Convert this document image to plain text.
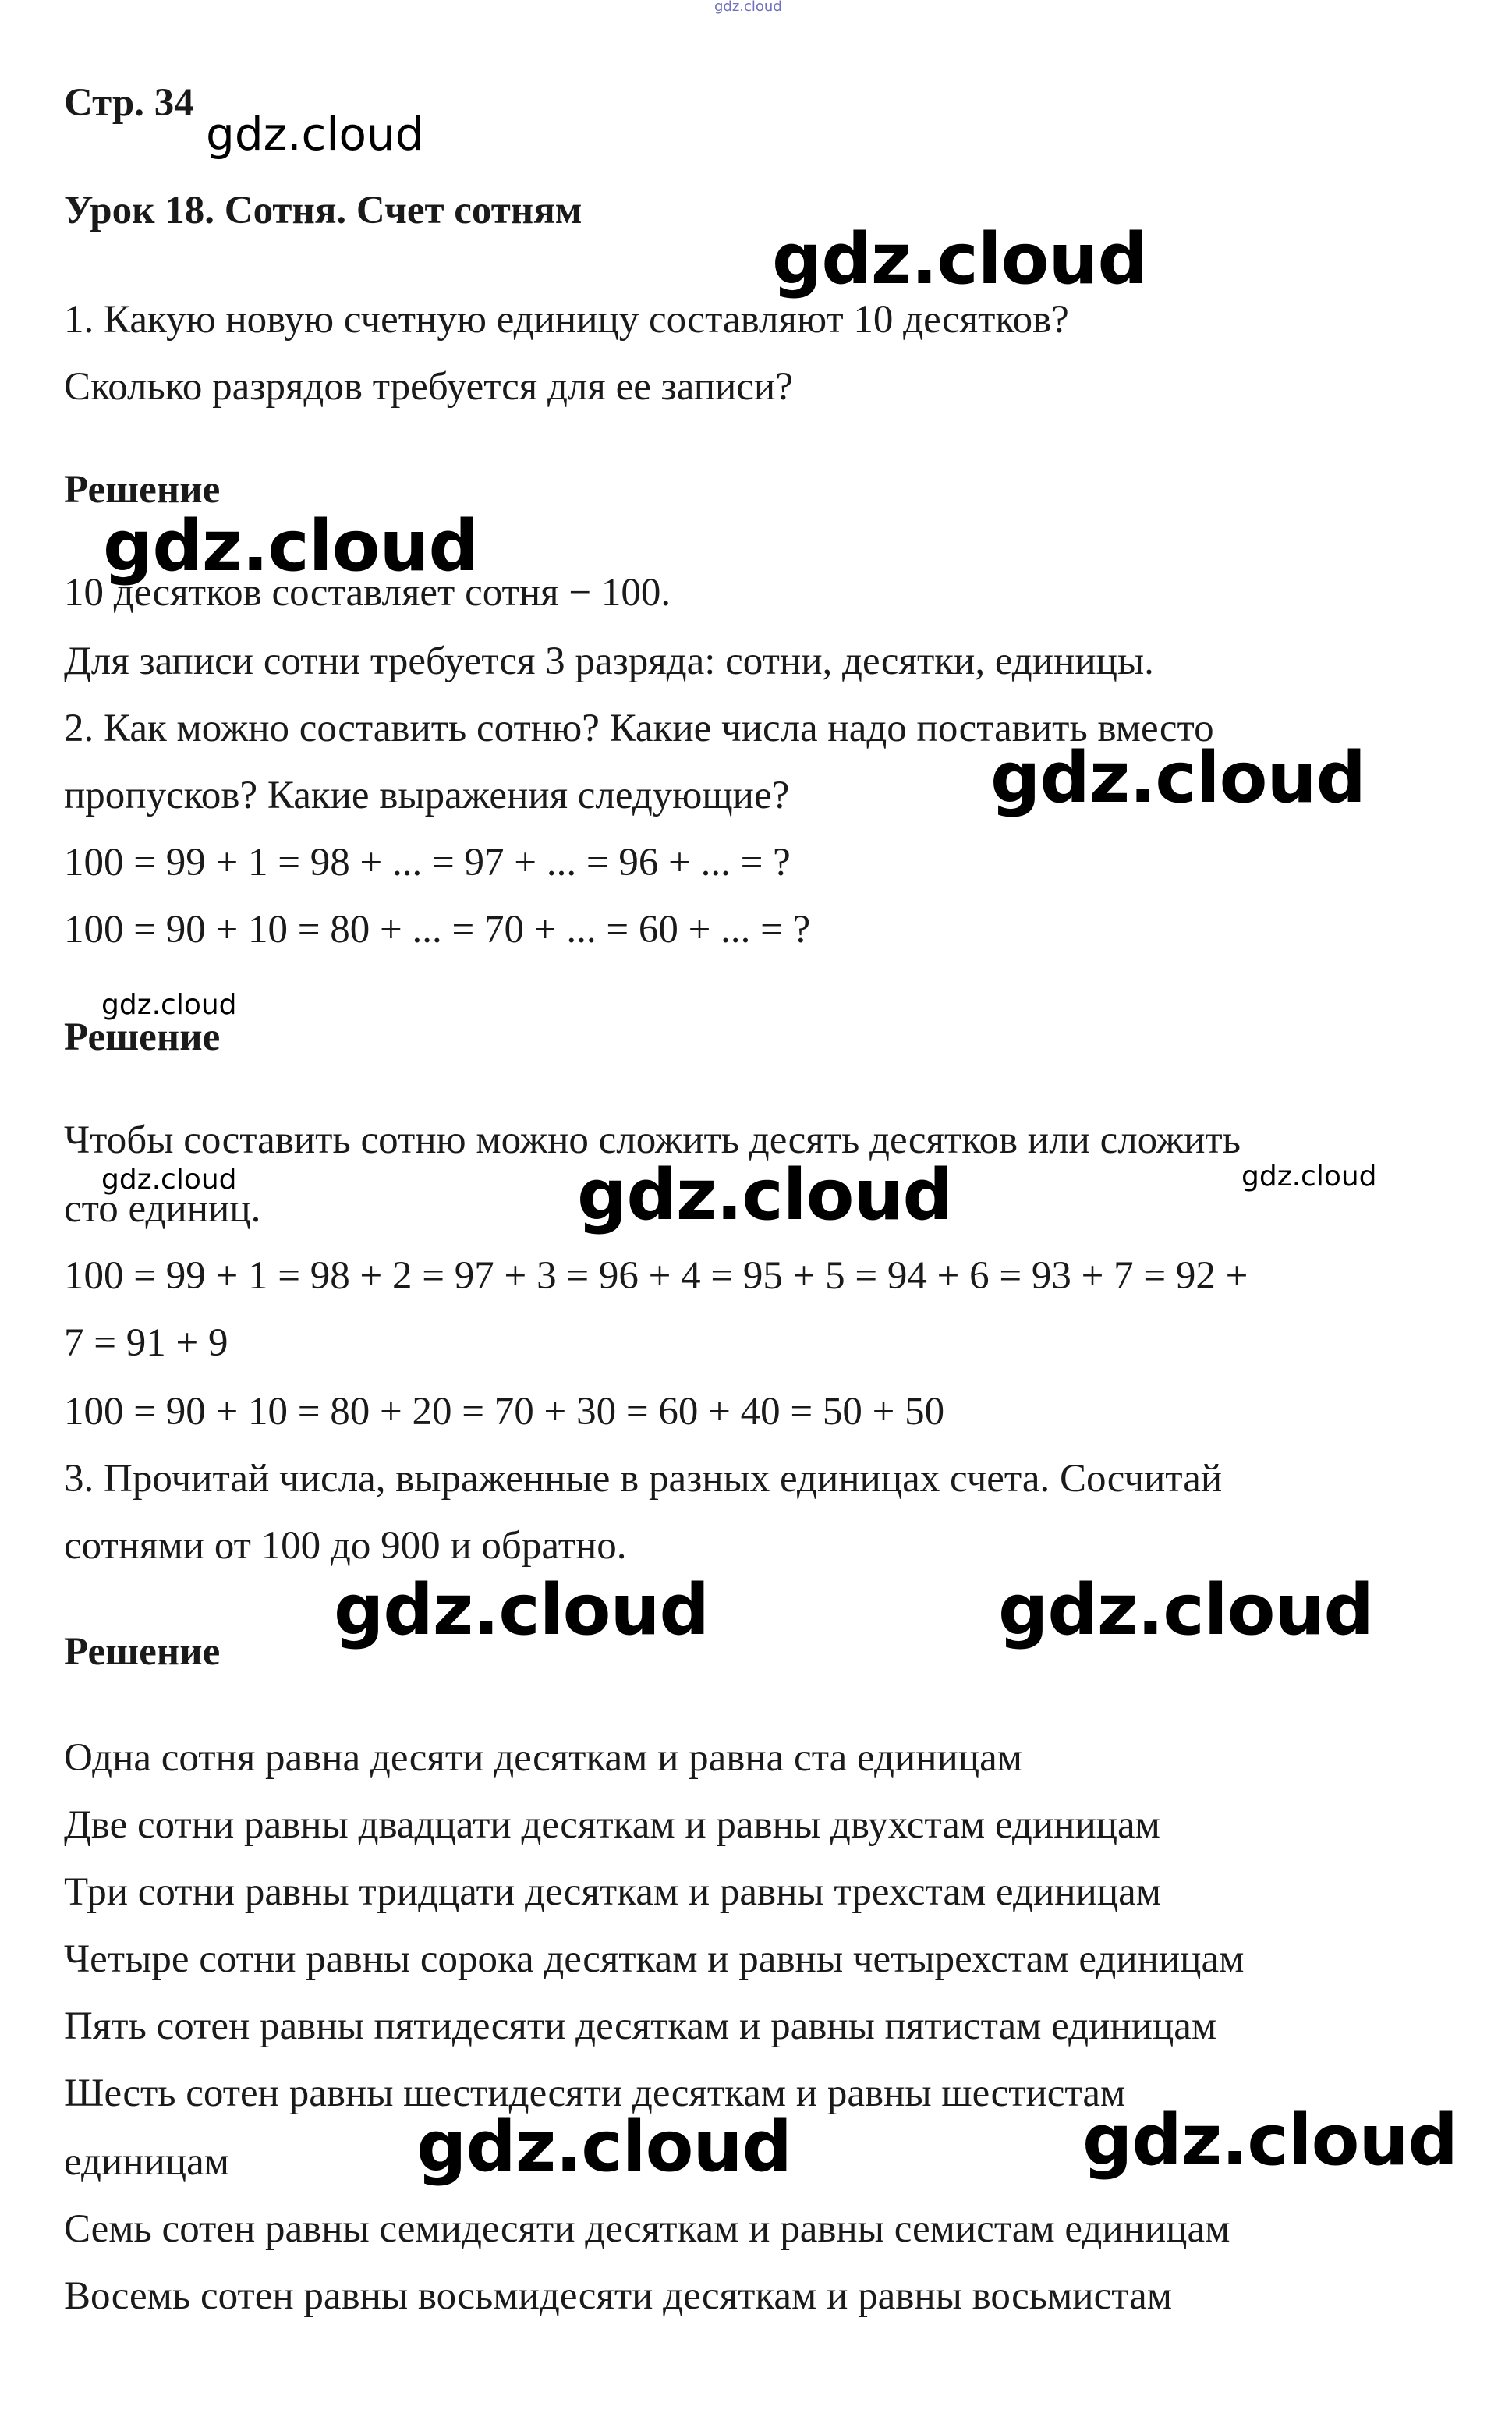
Стр. 34
Урок 18. Сотня. Счет сотням
1. Какую новую счетную единицу составляют 10 десятков?
Сколько разрядов требуется для ее записи?
Решение
10 десятков составляет сотня − 100.
Для записи сотни требуется 3 разряда: сотни, десятки, единицы.
2. Как можно составить сотню? Какие числа надо поставить вместо
пропусков? Какие выражения следующие?
100 = 99 + 1 = 98 + ... = 97 + ... = 96 + ... = ?
100 = 90 + 10 = 80 + ... = 70 + ... = 60 + ... = ?
Решение
Чтобы составить сотню можно сложить десять десятков или сложить
сто единиц.
100 = 99 + 1 = 98 + 2 = 97 + 3 = 96 + 4 = 95 + 5 = 94 + 6 = 93 + 7 = 92 +
7 = 91 + 9
100 = 90 + 10 = 80 + 20 = 70 + 30 = 60 + 40 = 50 + 50
3. Прочитай числа, выраженные в разных единицах счета. Сосчитай
сотнями от 100 до 900 и обратно.
Решение
Одна сотня равна десяти десяткам и равна ста единицам
Две сотни равны двадцати десяткам и равны двухстам единицам
Три сотни равны тридцати десяткам и равны трехстам единицам
Четыре сотни равны сорока десяткам и равны четырехстам единицам
Пять сотен равны пятидесяти десяткам и равны пятистам единицам
Шесть сотен равны шестидесяти десяткам и равны шестистам
единицам
Семь сотен равны семидесяти десяткам и равны семистам единицам
Восемь сотен равны восьмидесяти десяткам и равны восьмистам
gdz.cloud
gdz.cloud
gdz.cloud
gdz.cloud
gdz.cloud
gdz.cloud
gdz.cloud	gdz.cloud	gdz.cloud
gdz.cloud	gdz.cloud
gdz.cloud	gdz.cloud
